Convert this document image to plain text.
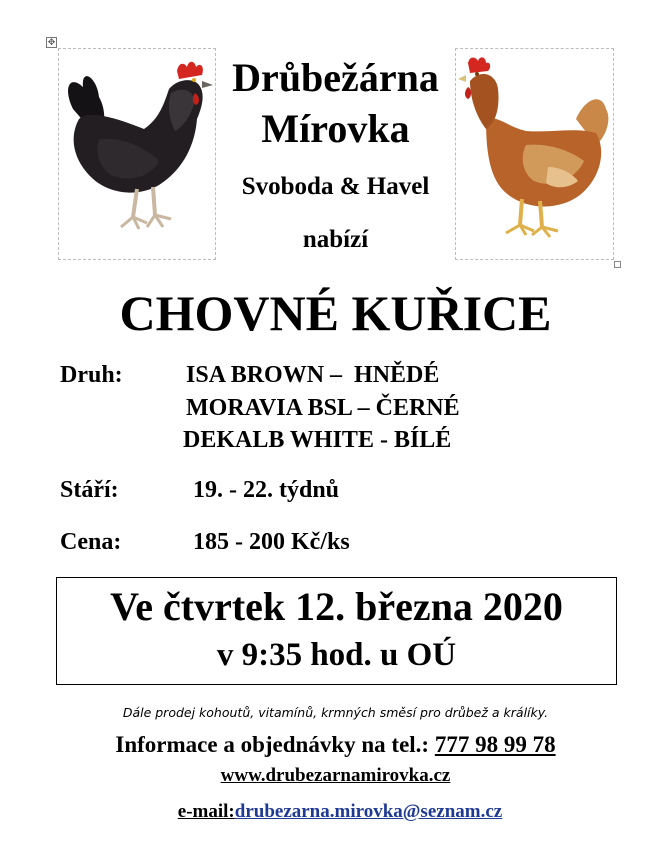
✥
Drůbežárna
Mírovka
Svoboda & Havel
nabízí
CHOVNÉ KUŘICE
Druh:	ISA BROWN –  HNĚDÉ
MORAVIA BSL – ČERNÉ
DEKALB WHITE - BÍLÉ
Stáří:	19. - 22. týdnů
Cena:	185 - 200 Kč/ks
Ve čtvrtek 12. března 2020
v 9:35 hod. u OÚ
Dále prodej kohoutů, vitamínů, krmných směsí pro drůbež a králíky.
Informace a objednávky na tel.: 777 98 99 78
www.drubezarnamirovka.cz
e-mail:drubezarna.mirovka@seznam.cz
